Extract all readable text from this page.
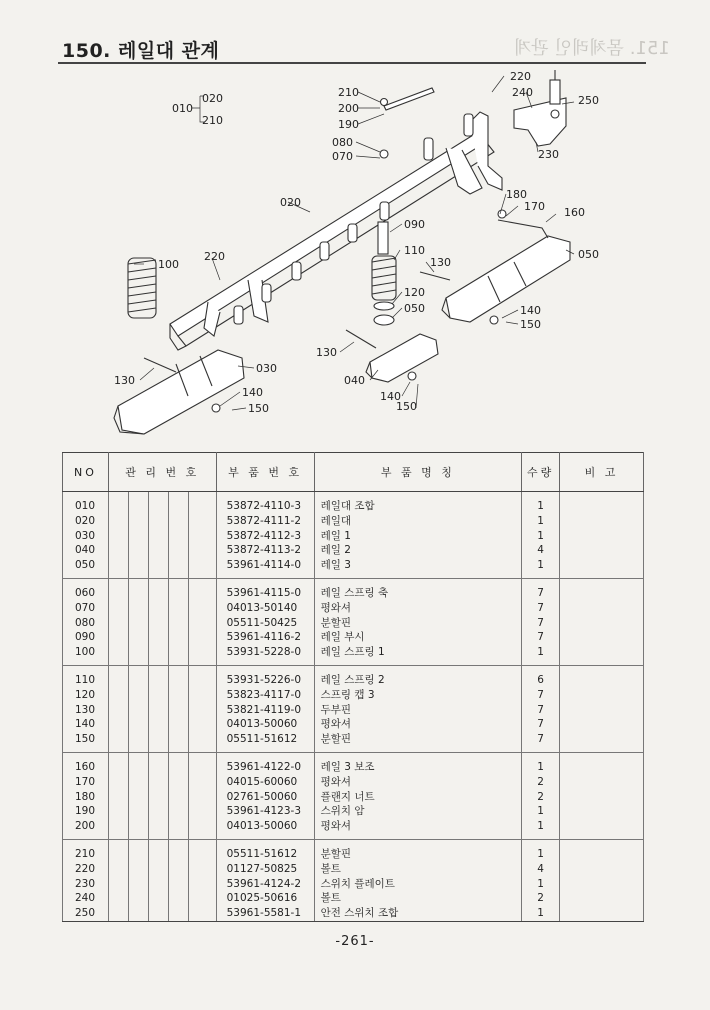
150. 레일대 관계	151. 몸체레인 관계
010
020
210
210
200
190
080
070
220
240
250
230
180
170 160
050
020
090
110
130
100
220
120
050	140
150
130
040
140
150
130
030
140
150
NO	관 리 번 호					부 품 번 호	부 품 명 칭	수량	비 고
010						53872-4110-3	레일대 조합	1	
020						53872-4111-2	레일대	1	
030						53872-4112-3	레일 1	1	
040						53872-4113-2	레일 2	4	
050						53961-4114-0	레일 3	1	
060						53961-4115-0	레일 스프링 축	7	
070						04013-50140	평와셔	7	
080						05511-50425	분할핀	7	
090						53961-4116-2	레일 부시	7	
100						53931-5228-0	레일 스프링 1	1	
110						53931-5226-0	레일 스프링 2	6	
120						53823-4117-0	스프링 캡 3	7	
130						53821-4119-0	두부핀	7	
140						04013-50060	평와셔	7	
150						05511-51612	분할핀	7	
160						53961-4122-0	레일 3 보조	1	
170						04015-60060	평와셔	2	
180						02761-50060	플랜지 너트	2	
190						53961-4123-3	스위치 암	1	
200						04013-50060	평와셔	1	
210						05511-51612	분할핀	1	
220						01127-50825	볼트	4	
230						53961-4124-2	스위치 플레이트	1	
240						01025-50616	볼트	2	
250						53961-5581-1	안전 스위치 조합	1	
-261-
